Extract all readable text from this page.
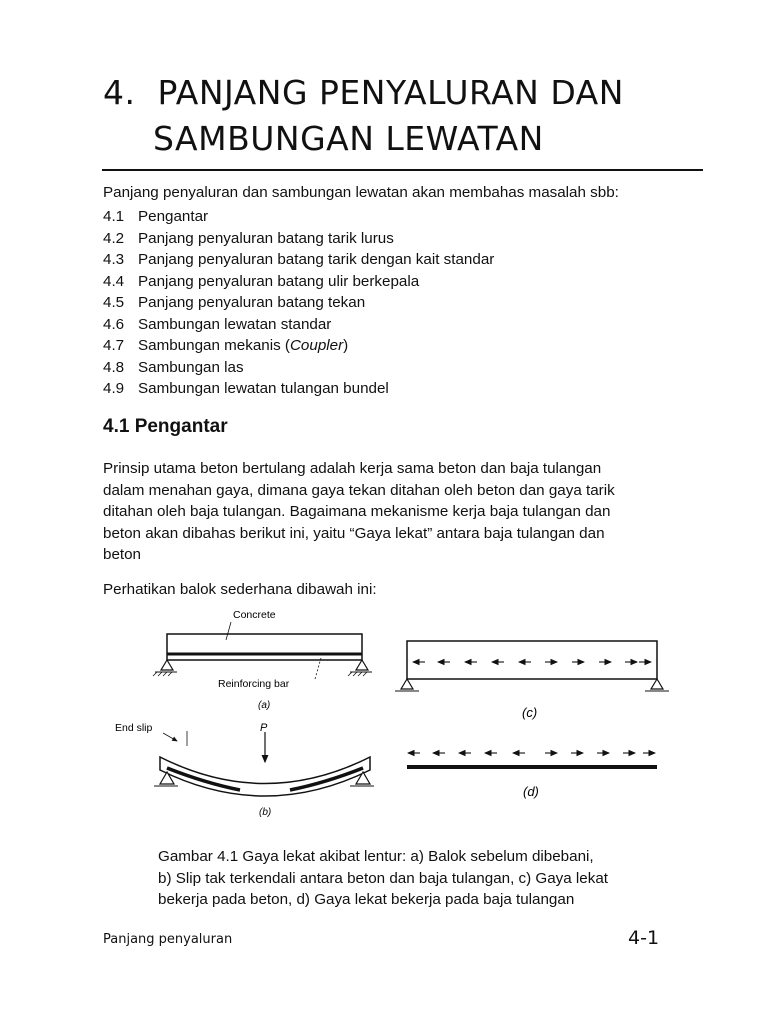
4. PANJANG PENYALURAN DAN
SAMBUNGAN LEWATAN

Panjang penyaluran dan sambungan lewatan akan membahas masalah sbb:

4.1 Pengantar
4.2 Panjang penyaluran batang tarik lurus
4.3 Panjang penyaluran batang tarik dengan kait standar
4.4 Panjang penyaluran batang ulir berkepala
4.5 Panjang penyaluran batang tekan
4.6 Sambungan lewatan standar
4.7 Sambungan mekanis (Coupler)
4.8 Sambungan las
4.9 Sambungan lewatan tulangan bundel
4.1 Pengantar

Prinsip utama beton bertulang adalah kerja sama beton dan baja tulangan
dalam menahan gaya, dimana gaya tekan ditahan oleh beton dan gaya tarik
ditahan oleh baja tulangan. Bagaimana mekanisme kerja baja tulangan dan
beton akan dibahas berikut ini, yaitu “Gaya lekat” antara baja tulangan dan
beton

Perhatikan balok sederhana dibawah ini:

Concrete
Reinforcing bar
(a)
End slip	P
(b)
(c)
(d)

Gambar 4.1 Gaya lekat akibat lentur: a) Balok sebelum dibebani,
b) Slip tak terkendali antara beton dan baja tulangan, c) Gaya lekat
bekerja pada beton, d) Gaya lekat bekerja pada baja tulangan

Panjang penyaluran	4-1
